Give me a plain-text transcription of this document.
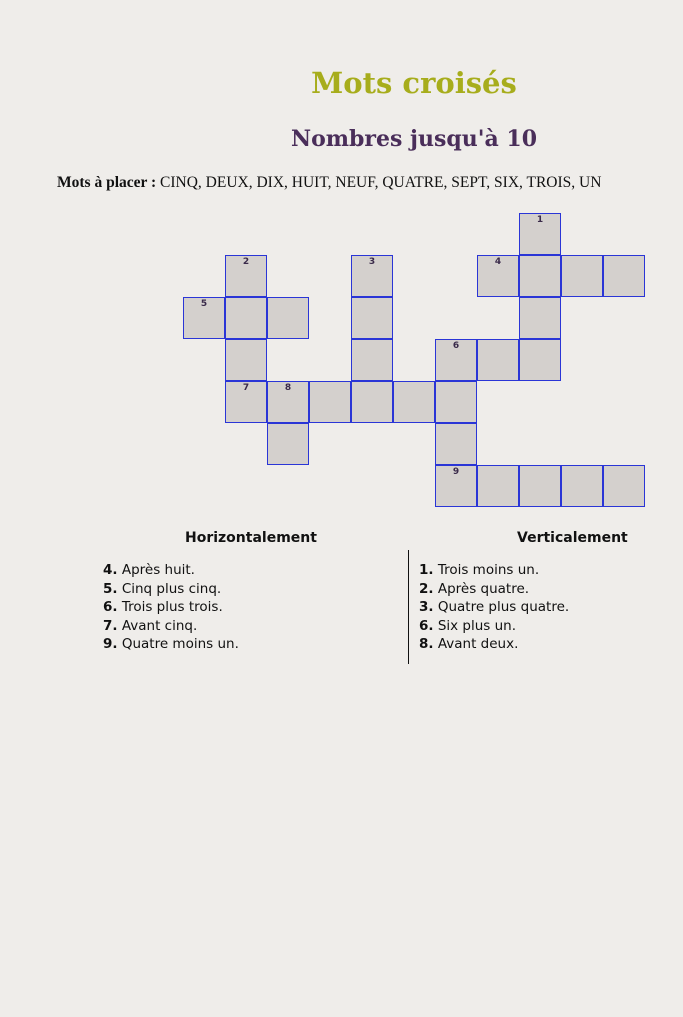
Mots croisés
Nombres jusqu'à 10
Mots à placer : CINQ, DEUX, DIX, HUIT, NEUF, QUATRE, SEPT, SIX, TROIS, UN
1
2	3	4
5
6
7	8
9
Horizontalement	Verticalement
4. Après huit.
5. Cinq plus cinq.
6. Trois plus trois.
7. Avant cinq.
9. Quatre moins un.
1. Trois moins un.
2. Après quatre.
3. Quatre plus quatre.
6. Six plus un.
8. Avant deux.
